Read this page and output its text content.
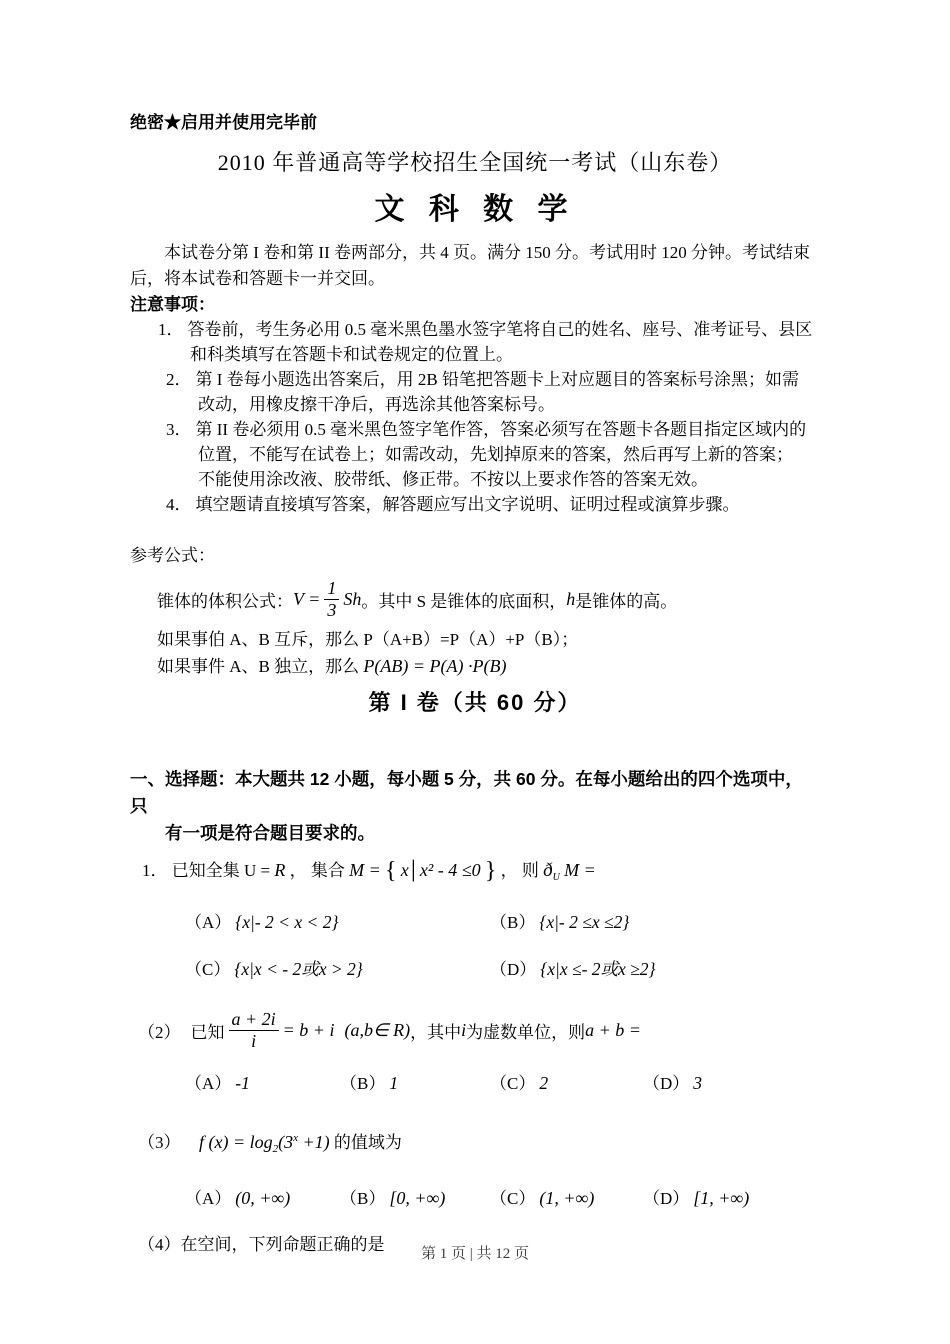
绝密★启用并使用完毕前
2010 年普通高等学校招生全国统一考试（山东卷）
文 科 数 学
本试卷分第 I 卷和第 II 卷两部分，共 4 页。满分 150 分。考试用时 120 分钟。考试结束
后，将本试卷和答题卡一并交回。
注意事项：
1． 答卷前，考生务必用 0.5 毫米黑色墨水签字笔将自己的姓名、座号、准考证号、县区
和科类填写在答题卡和试卷规定的位置上。
2． 第 I 卷每小题选出答案后，用 2B 铅笔把答题卡上对应题目的答案标号涂黑；如需
改动，用橡皮擦干净后，再选涂其他答案标号。
3． 第 II 卷必须用 0.5 毫米黑色签字笔作答，答案必须写在答题卡各题目指定区域内的
位置，不能写在试卷上；如需改动，先划掉原来的答案，然后再写上新的答案；
不能使用涂改液、胶带纸、修正带。不按以上要求作答的答案无效。
4． 填空题请直接填写答案，解答题应写出文字说明、证明过程或演算步骤。
参考公式：
锥体的体积公式： $V = \frac{1}{3}$ Sh 。其中 S 是锥体的底面积， h 是锥体的高。
如果事伯 A、B 互斥，那么 P（A+B）=P（A）+P（B）；
如果事件 A、B 独立，那么 P(AB) = P(A) ·P(B)
第 I 卷（共 60 分）
一、选择题：本大题共 12 小题，每小题 5 分，共 60 分。在每小题给出的四个选项中，只
有一项是符合题目要求的。
1． 已知全集 U = R ， 集合 M = { x│x² - 4 ≤0 } ， 则 $ð_U$ M =
（A） {x|- 2 < x < 2}	（B） {x|- 2 ≤x ≤2}
（C） {x|x < - 2或x > 2}	（D） {x|x ≤- 2或x ≥2}
（2） 已知 $\frac{a + 2i}{i} = b + i$ (a,b∈ R) ，其中 i 为虚数单位，则 a + b =
（A） -1	（B） 1	（C） 2	（D） 3
（3） f $(x) = \log_2(3^x +1)$ 的值域为
（A） (0, +∞)	（B） [0, +∞)	（C） (1, +∞)	（D） [1, +∞)
（4）在空间，下列命题正确的是	第 1 页 | 共 12 页
